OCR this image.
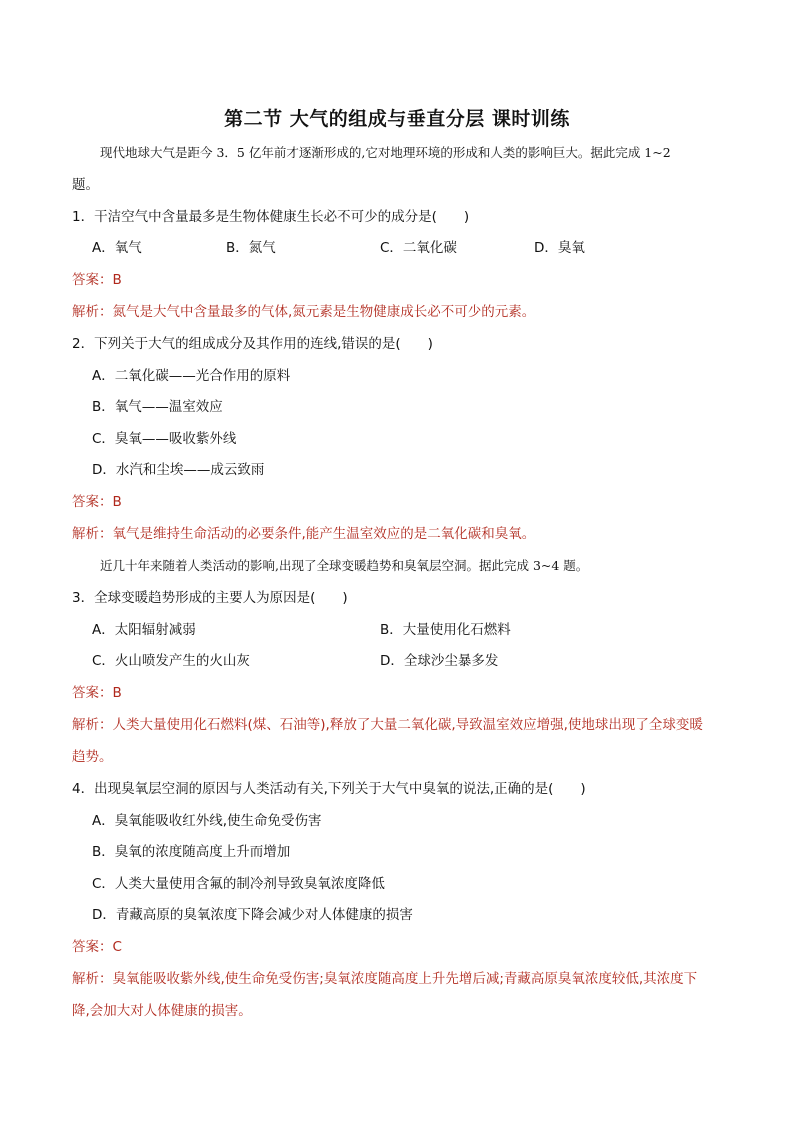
第二节 大气的组成与垂直分层 课时训练
现代地球大气是距今 3．5 亿年前才逐渐形成的,它对地理环境的形成和人类的影响巨大。据此完成 1~2
题。
1．干洁空气中含量最多是生物体健康生长必不可少的成分是(　　)
A．氧气	B．氮气	C．二氧化碳	D．臭氧
答案：B
解析：氮气是大气中含量最多的气体,氮元素是生物健康成长必不可少的元素。
2．下列关于大气的组成成分及其作用的连线,错误的是(　　)
A．二氧化碳——光合作用的原料
B．氧气——温室效应
C．臭氧——吸收紫外线
D．水汽和尘埃——成云致雨
答案：B
解析：氧气是维持生命活动的必要条件,能产生温室效应的是二氧化碳和臭氧。
近几十年来随着人类活动的影响,出现了全球变暖趋势和臭氧层空洞。据此完成 3~4 题。
3．全球变暖趋势形成的主要人为原因是(　　)
A．太阳辐射减弱	B．大量使用化石燃料
C．火山喷发产生的火山灰	D．全球沙尘暴多发
答案：B
解析：人类大量使用化石燃料(煤、石油等),释放了大量二氧化碳,导致温室效应增强,使地球出现了全球变暖
趋势。
4．出现臭氧层空洞的原因与人类活动有关,下列关于大气中臭氧的说法,正确的是(　　)
A．臭氧能吸收红外线,使生命免受伤害
B．臭氧的浓度随高度上升而增加
C．人类大量使用含氟的制冷剂导致臭氧浓度降低
D．青藏高原的臭氧浓度下降会减少对人体健康的损害
答案：C
解析：臭氧能吸收紫外线,使生命免受伤害;臭氧浓度随高度上升先增后减;青藏高原臭氧浓度较低,其浓度下
降,会加大对人体健康的损害。
